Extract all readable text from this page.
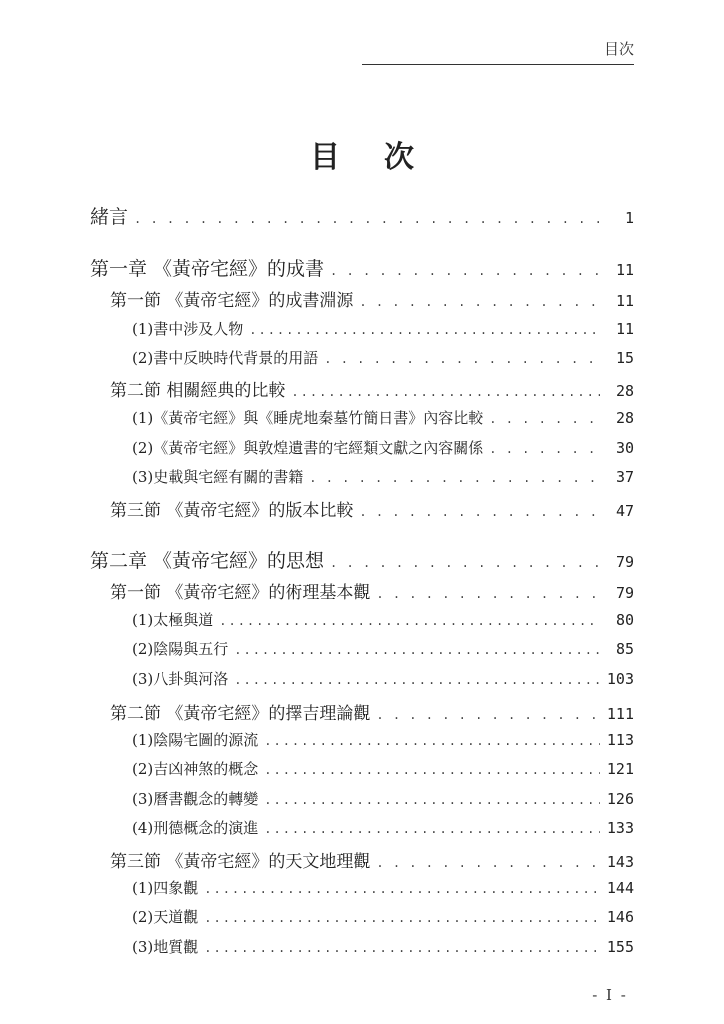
目次
目 次
緒言 . . .	1
第一章 《黃帝宅經》的成書 . . .	11
第一節 《黃帝宅經》的成書淵源 . . .	11
(1)書中涉及人物 .....	11
(2)書中反映時代背景的用語 . . .	15
第二節 相關經典的比較 .....	28
(1)《黃帝宅經》與《睡虎地秦墓竹簡日書》內容比較 . . .	28
(2)《黃帝宅經》與敦煌遺書的宅經類文獻之內容關係 . . .	30
(3)史載與宅經有關的書籍 . . .	37
第三節 《黃帝宅經》的版本比較 . . .	47
第二章 《黃帝宅經》的思想 . . .	79
第一節 《黃帝宅經》的術理基本觀 . . .	79
(1)太極與道 .....	80
(2)陰陽與五行 .....	85
(3)八卦與河洛 .....	103
第二節 《黃帝宅經》的擇吉理論觀 . . .	111
(1)陰陽宅圖的源流 .....	113
(2)吉凶神煞的概念 .....	121
(3)曆書觀念的轉變 .....	126
(4)刑德概念的演進 .....	133
第三節 《黃帝宅經》的天文地理觀 . . .	143
(1)四象觀 .....	144
(2)天道觀 .....	146
(3)地質觀 .....	155
- I -
